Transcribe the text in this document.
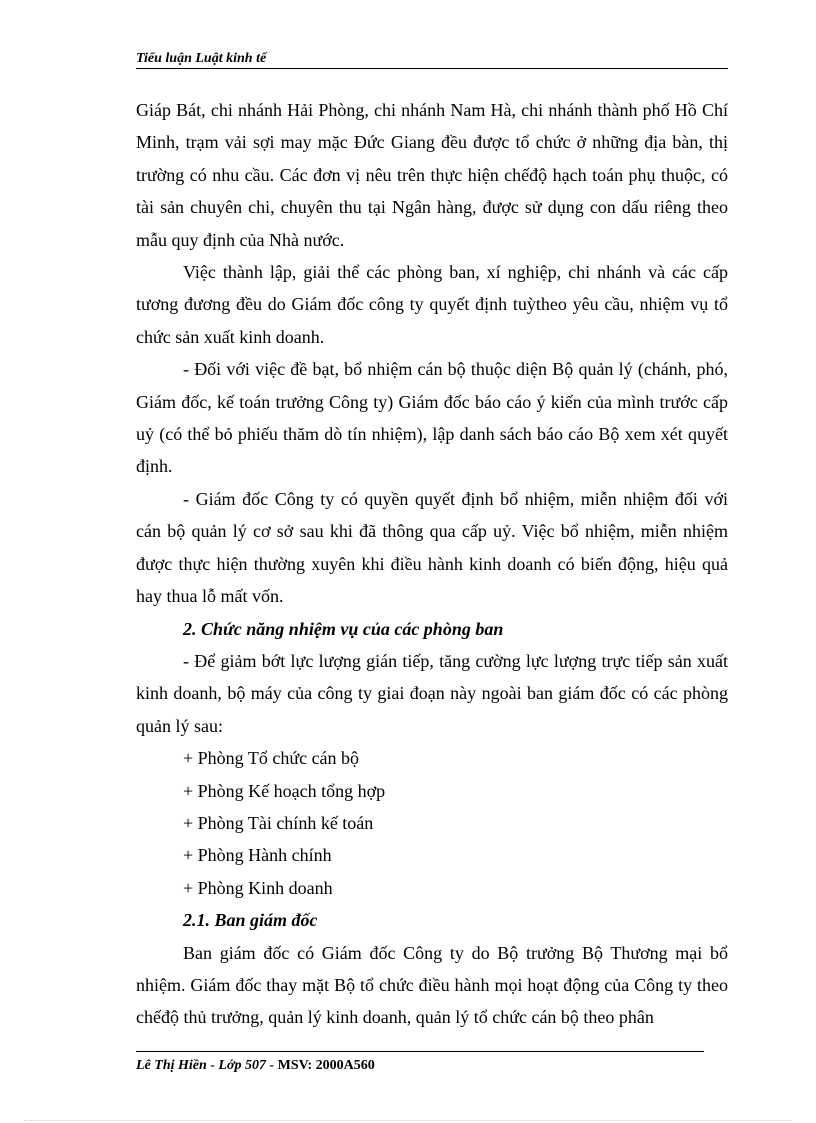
Tiểu luận Luật kinh tế

Giáp Bát, chi nhánh Hải Phòng, chi nhánh Nam Hà, chi nhánh thành phố Hồ Chí Minh, trạm vải sợi may mặc Đức Giang đều được tổ chức ở những địa bàn, thị trường có nhu cầu. Các đơn vị nêu trên thực hiện chếđộ hạch toán phụ thuộc, có tài sản chuyên chi, chuyên thu tại Ngân hàng, được sử dụng con dấu riêng theo mẫu quy định của Nhà nước.

Việc thành lập, giải thể các phòng ban, xí nghiệp, chi nhánh và các cấp tương đương đều do Giám đốc công ty quyết định tuỳtheo yêu cầu, nhiệm vụ tổ chức sản xuất kinh doanh.

- Đối với việc đề bạt, bổ nhiệm cán bộ thuộc diện Bộ quản lý (chánh, phó, Giám đốc, kế toán trưởng Công ty) Giám đốc báo cáo ý kiến của mình trước cấp uỷ (có thể bỏ phiếu thăm dò tín nhiệm), lập danh sách báo cáo Bộ xem xét quyết định.

- Giám đốc Công ty có quyền quyết định bổ nhiệm, miễn nhiệm đối với cán bộ quản lý cơ sở sau khi đã thông qua cấp uỷ. Việc bổ nhiệm, miễn nhiệm được thực hiện thường xuyên khi điều hành kinh doanh có biến động, hiệu quả hay thua lỗ mất vốn.

2. Chức năng nhiệm vụ của các phòng ban

- Để giảm bớt lực lượng gián tiếp, tăng cường lực lượng trực tiếp sản xuất kinh doanh, bộ máy của công ty giai đoạn này ngoài ban giám đốc có các phòng quản lý sau:

+ Phòng Tổ chức cán bộ
+ Phòng Kế hoạch tổng hợp
+ Phòng Tài chính kế toán
+ Phòng Hành chính
+ Phòng Kinh doanh

2.1. Ban giám đốc

Ban giám đốc có Giám đốc Công ty do Bộ trưởng Bộ Thương mại bổ nhiệm. Giám đốc thay mặt Bộ tổ chức điều hành mọi hoạt động của Công ty theo chếđộ thủ trưởng, quản lý kinh doanh, quản lý tổ chức cán bộ theo phân

Lê Thị Hiền - Lớp 507 - MSV: 2000A560
